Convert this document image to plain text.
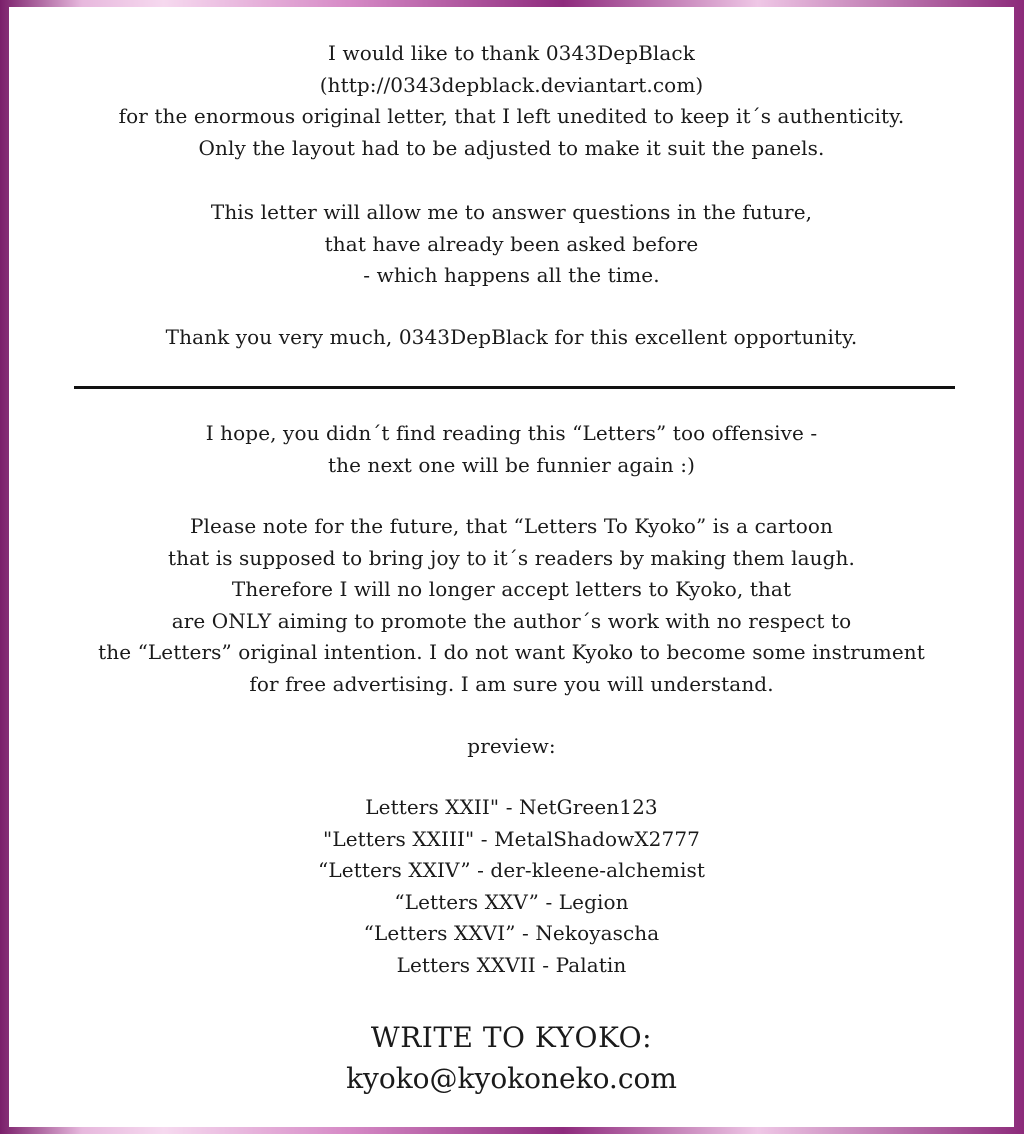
I would like to thank 0343DepBlack

(http://0343depblack.deviantart.com)

for the enormous original letter, that I left unedited to keep it´s authenticity.

Only the layout had to be adjusted to make it suit the panels.

This letter will allow me to answer questions in the future,

that have already been asked before

- which happens all the time.

Thank you very much, 0343DepBlack for this excellent opportunity.

I hope, you didn´t find reading this “Letters” too offensive -

the next one will be funnier again :)

Please note for the future, that “Letters To Kyoko” is a cartoon

that is supposed to bring joy to it´s readers by making them laugh.

Therefore I will no longer accept letters to Kyoko, that

are ONLY aiming to promote the author´s work with no respect to

the “Letters” original intention. I do not want Kyoko to become some instrument

for free advertising. I am sure you will understand.

preview:

Letters XXII" - NetGreen123

"Letters XXIII" - MetalShadowX2777

“Letters XXIV” - der-kleene-alchemist

“Letters XXV” - Legion

“Letters XXVI” - Nekoyascha

Letters XXVII - Palatin

WRITE TO KYOKO:
kyoko@kyokoneko.com
